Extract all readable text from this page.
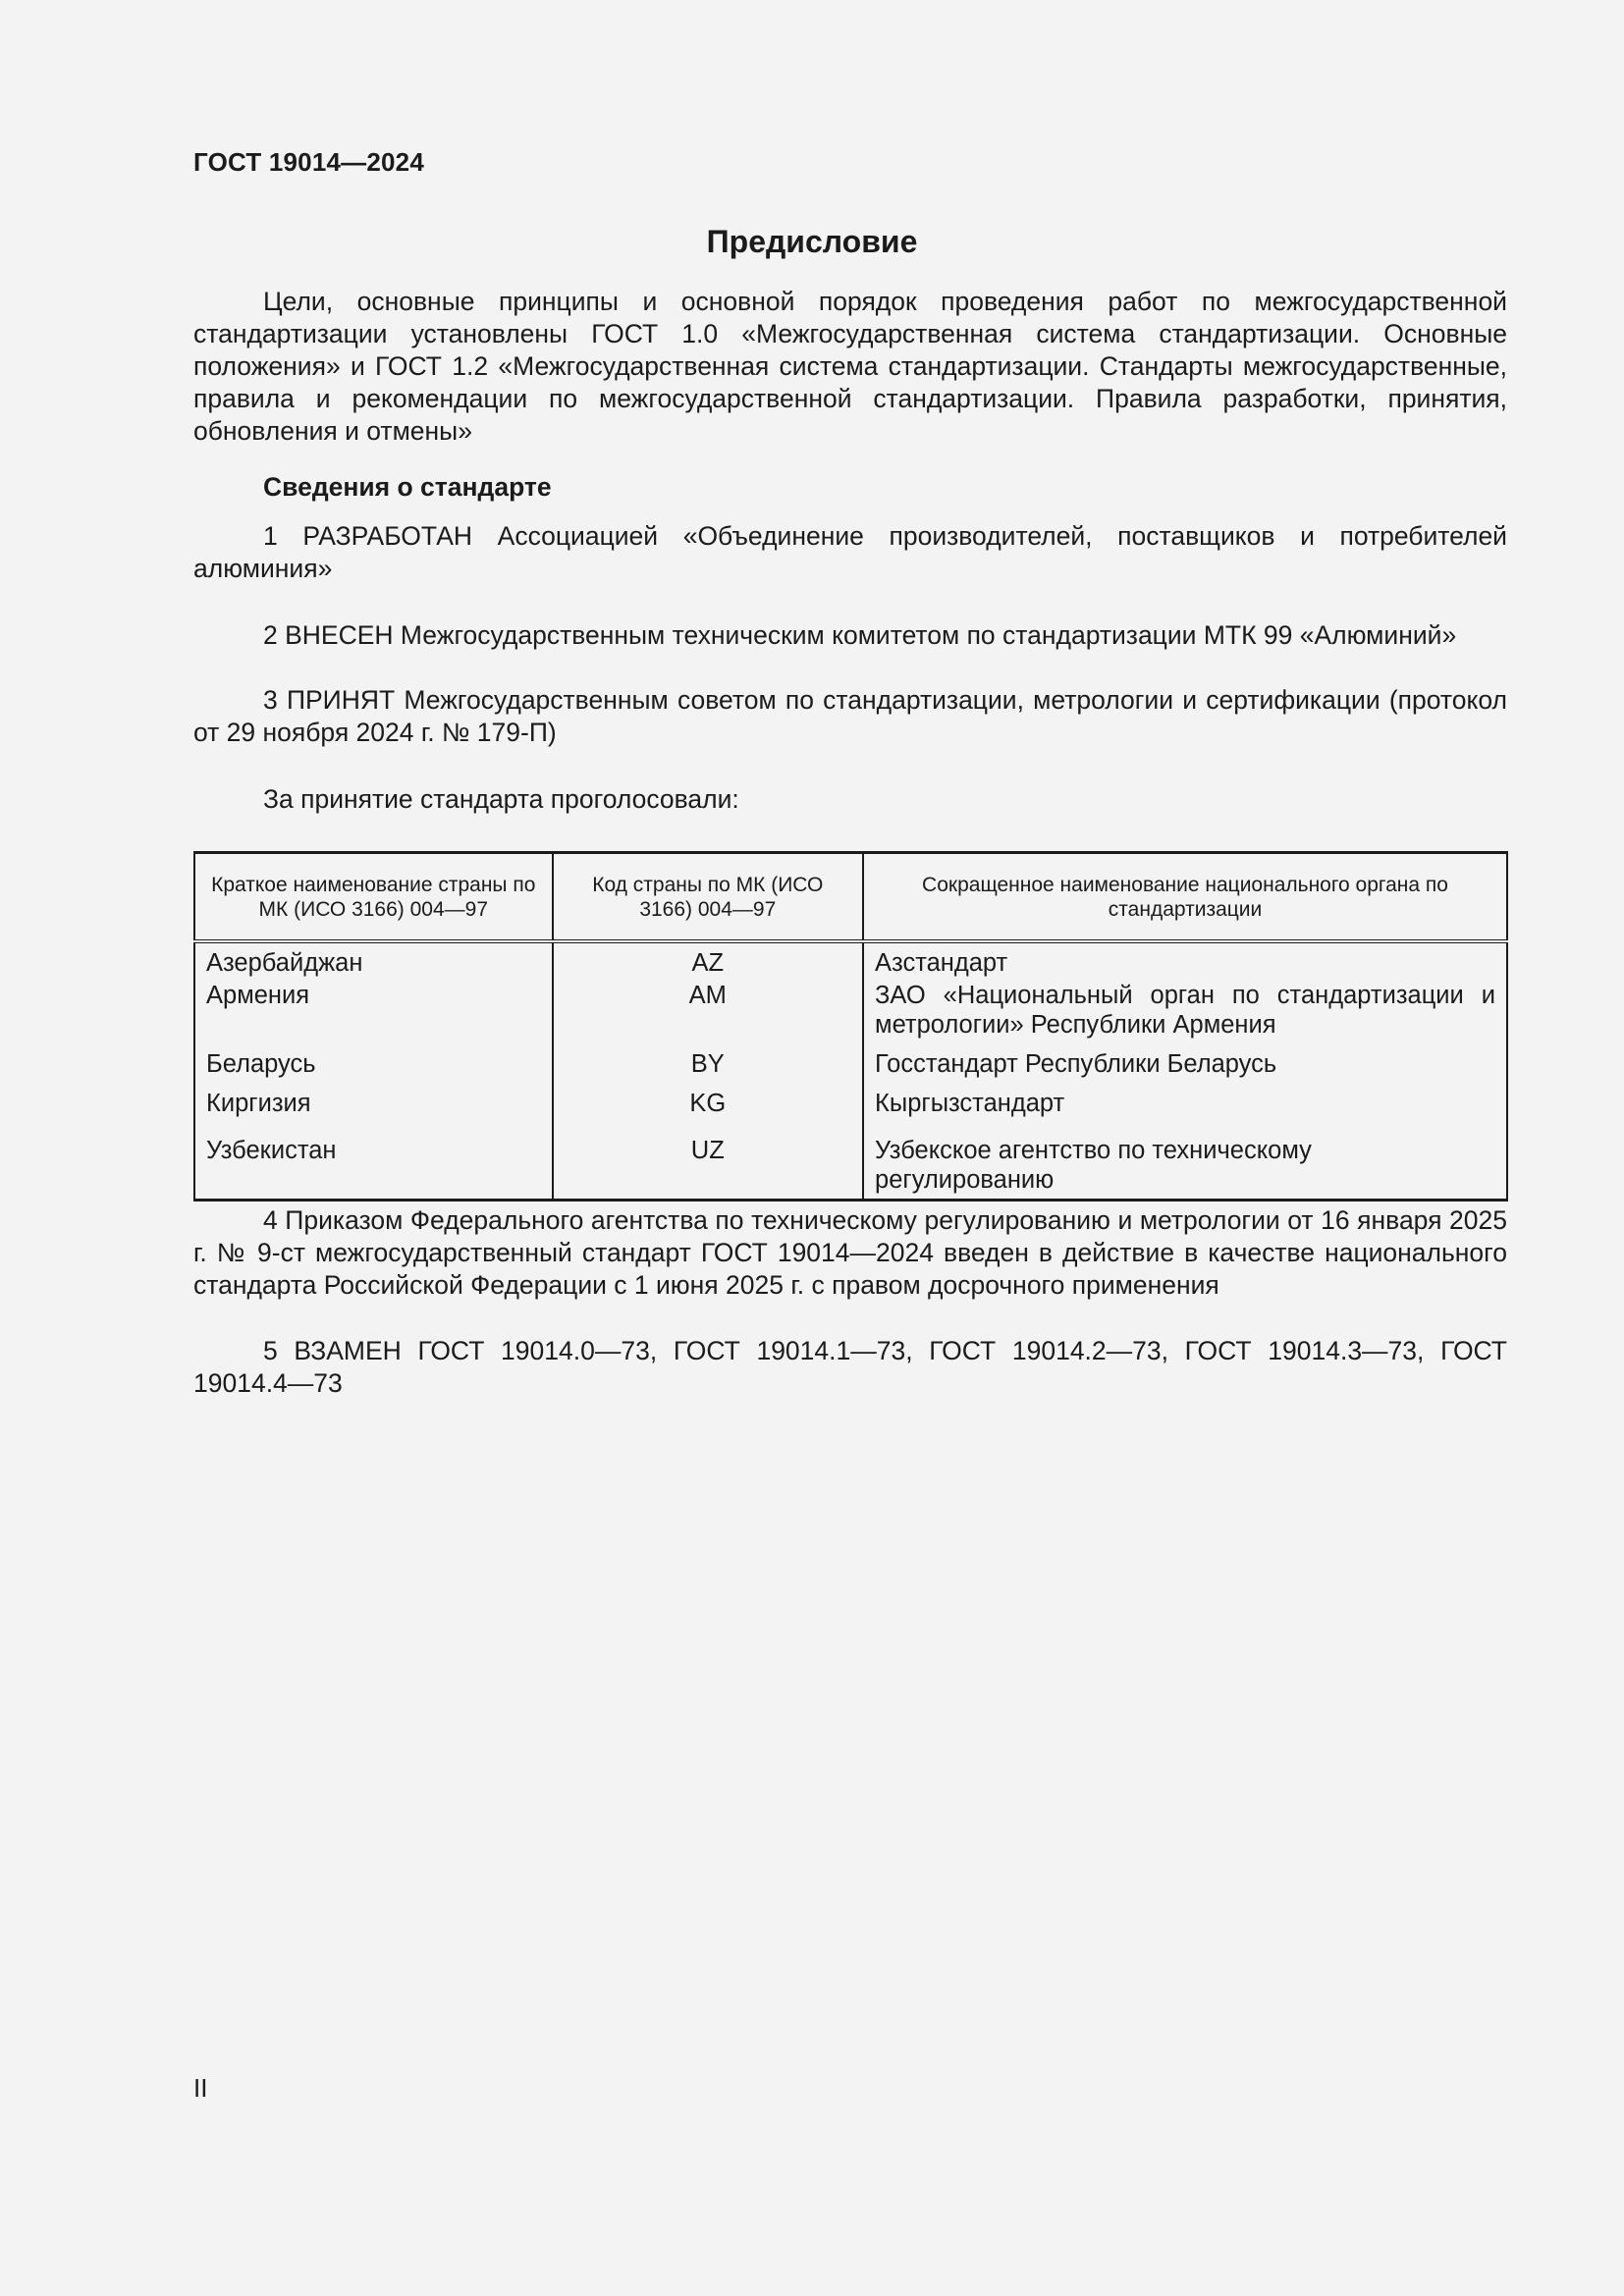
ГОСТ 19014—2024
Предисловие
Цели, основные принципы и основной порядок проведения работ по межгосударственной стандартизации установлены ГОСТ 1.0 «Межгосударственная система стандартизации. Основные положения» и ГОСТ 1.2 «Межгосударственная система стандартизации. Стандарты межгосударственные, правила и рекомендации по межгосударственной стандартизации. Правила разработки, принятия, обновления и отмены»
Сведения о стандарте
1 РАЗРАБОТАН Ассоциацией «Объединение производителей, поставщиков и потребителей алюминия»
2 ВНЕСЕН Межгосударственным техническим комитетом по стандартизации МТК 99 «Алюминий»
3 ПРИНЯТ Межгосударственным советом по стандартизации, метрологии и сертификации (протокол от 29 ноября 2024 г. № 179-П)
За принятие стандарта проголосовали:
Краткое наименование страны по МК (ИСО 3166) 004—97	Код страны по МК (ИСО 3166) 004—97	Сокращенное наименование национального органа по стандартизации
Азербайджан	AZ	Азстандарт
Армения	AM	ЗАО «Национальный орган по стандартизации и метрологии» Республики Армения
Беларусь	BY	Госстандарт Республики Беларусь
Киргизия	KG	Кыргызстандарт
Узбекистан	UZ	Узбекское агентство по техническому регулированию
4 Приказом Федерального агентства по техническому регулированию и метрологии от 16 января 2025 г. № 9-ст межгосударственный стандарт ГОСТ 19014—2024 введен в действие в качестве национального стандарта Российской Федерации с 1 июня 2025 г. с правом досрочного применения
5 ВЗАМЕН ГОСТ 19014.0—73, ГОСТ 19014.1—73, ГОСТ 19014.2—73, ГОСТ 19014.3—73, ГОСТ 19014.4—73
II
